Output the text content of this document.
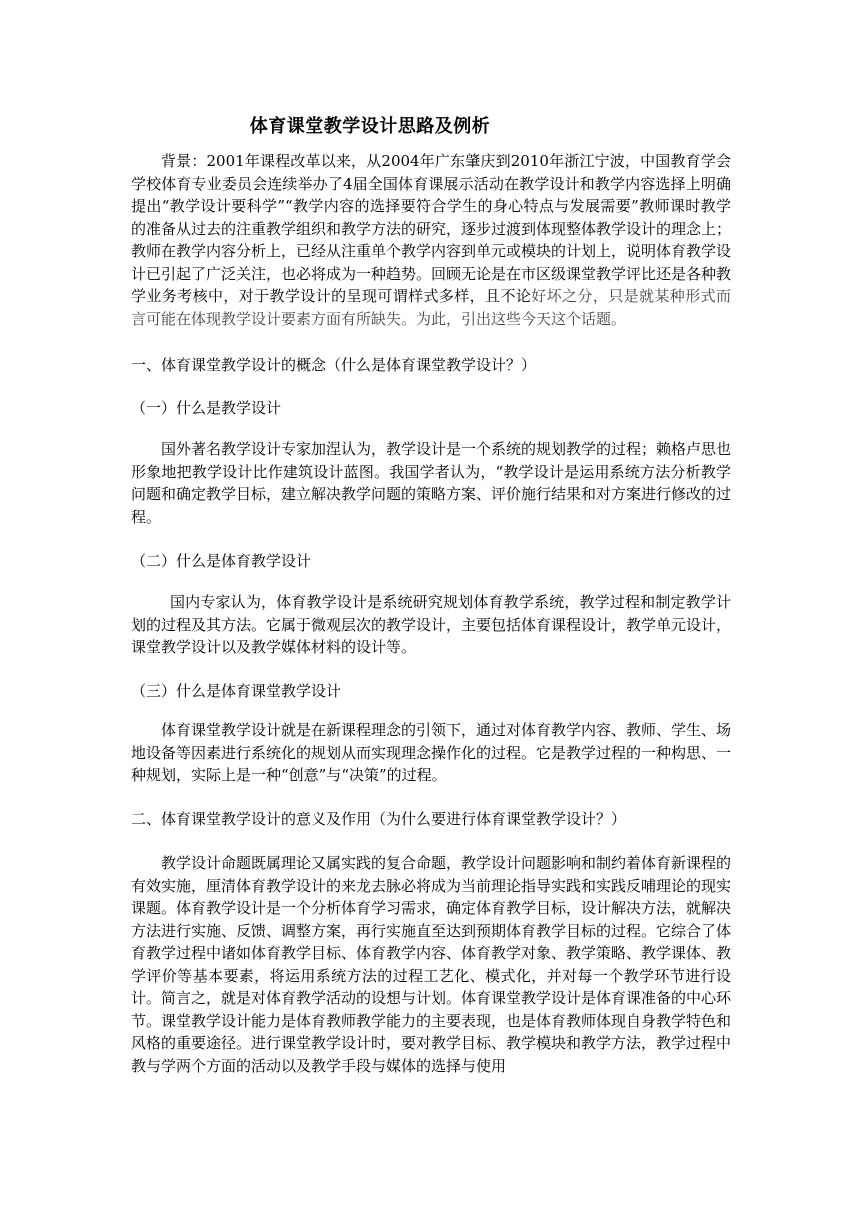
体育课堂教学设计思路及例析

背景：2001年课程改革以来，从2004年广东肇庆到2010年浙江宁波，中国教育学会学校体育专业委员会连续举办了4届全国体育课展示活动在教学设计和教学内容选择上明确提出“教学设计要科学”“教学内容的选择要符合学生的身心特点与发展需要”教师课时教学的准备从过去的注重教学组织和教学方法的研究，逐步过渡到体现整体教学设计的理念上；教师在教学内容分析上，已经从注重单个教学内容到单元或模块的计划上，说明体育教学设计已引起了广泛关注，也必将成为一种趋势。回顾无论是在市区级课堂教学评比还是各种教学业务考核中，对于教学设计的呈现可谓样式多样，且不论好坏之分，只是就某种形式而言可能在体现教学设计要素方面有所缺失。为此，引出这些今天这个话题。

一、体育课堂教学设计的概念（什么是体育课堂教学设计？）

（一）什么是教学设计

国外著名教学设计专家加涅认为，教学设计是一个系统的规划教学的过程；赖格卢思也形象地把教学设计比作建筑设计蓝图。我国学者认为，“教学设计是运用系统方法分析教学问题和确定教学目标，建立解决教学问题的策略方案、评价施行结果和对方案进行修改的过程。

（二）什么是体育教学设计

国内专家认为，体育教学设计是系统研究规划体育教学系统，教学过程和制定教学计划的过程及其方法。它属于微观层次的教学设计，主要包括体育课程设计，教学单元设计，课堂教学设计以及教学媒体材料的设计等。

（三）什么是体育课堂教学设计

体育课堂教学设计就是在新课程理念的引领下，通过对体育教学内容、教师、学生、场地设备等因素进行系统化的规划从而实现理念操作化的过程。它是教学过程的一种构思、一种规划，实际上是一种“创意”与“决策”的过程。

二、体育课堂教学设计的意义及作用（为什么要进行体育课堂教学设计？）

教学设计命题既属理论又属实践的复合命题，教学设计问题影响和制约着体育新课程的有效实施，厘清体育教学设计的来龙去脉必将成为当前理论指导实践和实践反哺理论的现实课题。体育教学设计是一个分析体育学习需求，确定体育教学目标，设计解决方法，就解决方法进行实施、反馈、调整方案，再行实施直至达到预期体育教学目标的过程。它综合了体育教学过程中诸如体育教学目标、体育教学内容、体育教学对象、教学策略、教学课体、教学评价等基本要素，将运用系统方法的过程工艺化、模式化，并对每一个教学环节进行设计。简言之，就是对体育教学活动的设想与计划。体育课堂教学设计是体育课准备的中心环节。课堂教学设计能力是体育教师教学能力的主要表现，也是体育教师体现自身教学特色和风格的重要途径。进行课堂教学设计时，要对教学目标、教学模块和教学方法，教学过程中教与学两个方面的活动以及教学手段与媒体的选择与使用
